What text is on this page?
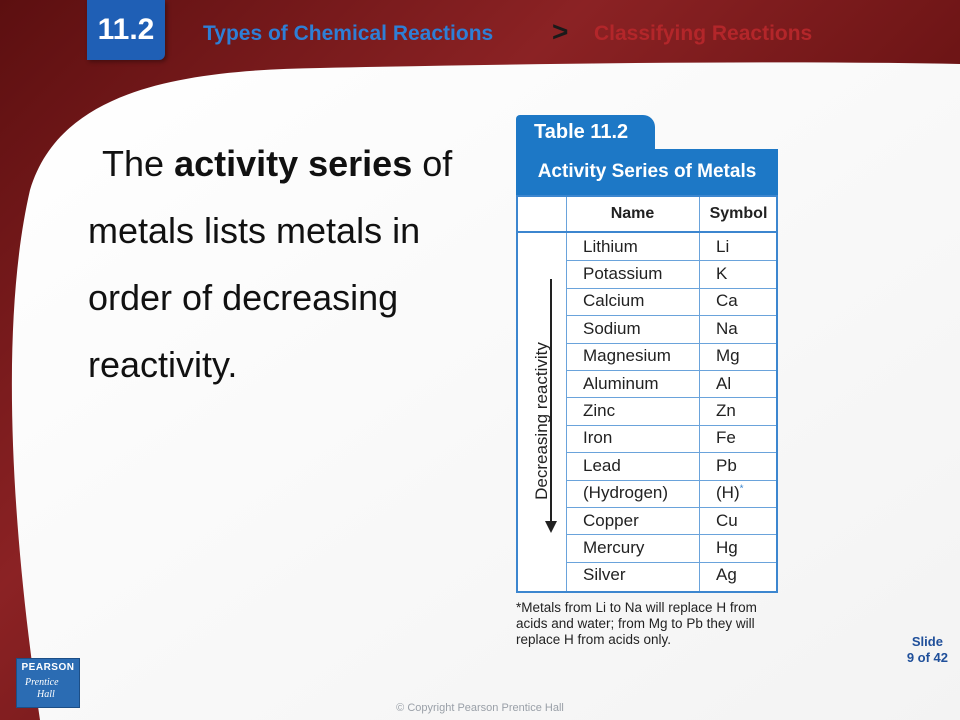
11.2	Types of Chemical Reactions > Classifying Reactions

The activity series of

metals lists metals in

order of decreasing

reactivity.

Table 11.2
Activity Series of Metals
Name	Symbol
Decreasing reactivity
Lithium	Li
Potassium	K
Calcium	Ca
Sodium	Na
Magnesium	Mg
Aluminum	Al
Zinc	Zn
Iron	Fe
Lead	Pb
(Hydrogen)	(H)*
Copper	Cu
Mercury	Hg
Silver	Ag
*Metals from Li to Na will replace H from acids and water; from Mg to Pb they will replace H from acids only.	Slide
9 of 42
PEARSON
Prentice
Hall
© Copyright Pearson Prentice Hall
